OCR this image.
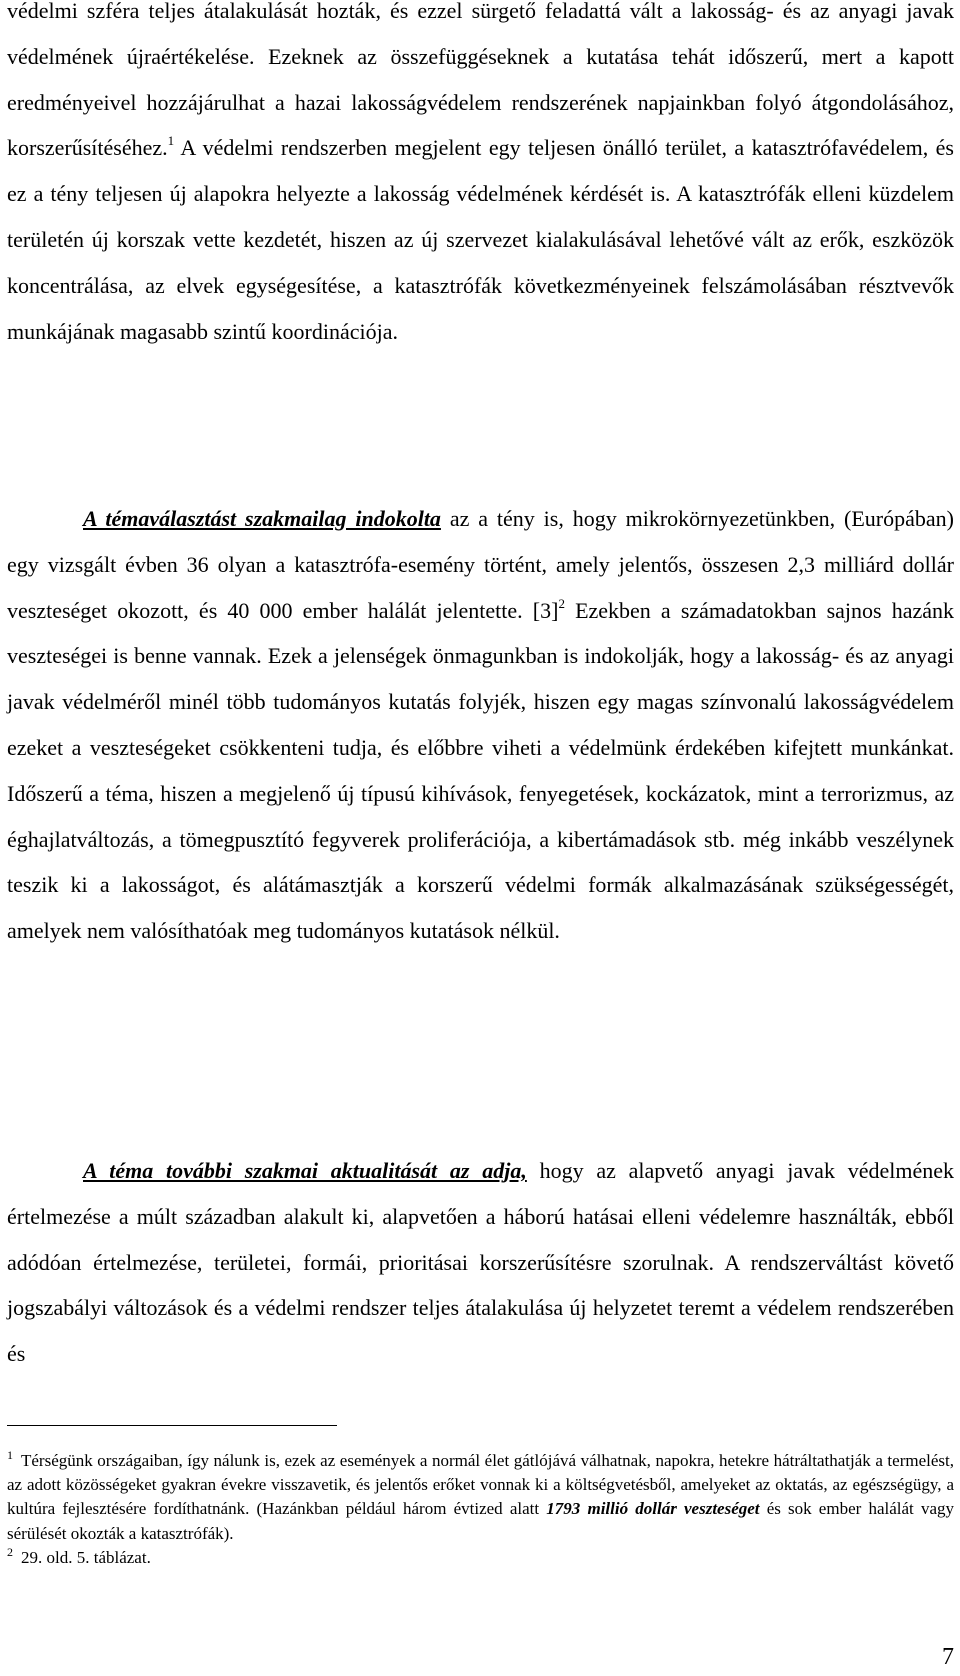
védelmi szféra teljes átalakulását hozták, és ezzel sürgető feladattá vált a lakosság- és az anyagi javak védelmének újraértékelése. Ezeknek az összefüggéseknek a kutatása tehát időszerű, mert a kapott eredményeivel hozzájárulhat a hazai lakosságvédelem rendszerének napjainkban folyó átgondolásához, korszerűsítéséhez.$^1$ A védelmi rendszerben megjelent egy teljesen önálló terület, a katasztrófavédelem, és ez a tény teljesen új alapokra helyezte a lakosság védelmének kérdését is. A katasztrófák elleni küzdelem területén új korszak vette kezdetét, hiszen az új szervezet kialakulásával lehetővé vált az erők, eszközök koncentrálása, az elvek egységesítése, a katasztrófák következményeinek felszámolásában résztvevők munkájának magasabb szintű koordinációja.

A témaválasztást szakmailag indokolta az a tény is, hogy mikrokörnyezetünkben, (Európában) egy vizsgált évben 36 olyan a katasztrófa-esemény történt, amely jelentős, összesen 2,3 milliárd dollár veszteséget okozott, és 40 000 ember halálát jelentette. $[3]^2$ Ezekben a számadatokban sajnos hazánk veszteségei is benne vannak. Ezek a jelenségek önmagunkban is indokolják, hogy a lakosság- és az anyagi javak védelméről minél több tudományos kutatás folyjék, hiszen egy magas színvonalú lakosságvédelem ezeket a veszteségeket csökkenteni tudja, és előbbre viheti a védelmünk érdekében kifejtett munkánkat. Időszerű a téma, hiszen a megjelenő új típusú kihívások, fenyegetések, kockázatok, mint a terrorizmus, az éghajlatváltozás, a tömegpusztító fegyverek proliferációja, a kibertámadások stb. még inkább veszélynek teszik ki a lakosságot, és alátámasztják a korszerű védelmi formák alkalmazásának szükségességét, amelyek nem valósíthatóak meg tudományos kutatások nélkül.

A téma további szakmai aktualitását az adja, hogy az alapvető anyagi javak védelmének értelmezése a múlt században alakult ki, alapvetően a háború hatásai elleni védelemre használták, ebből adódóan értelmezése, területei, formái, prioritásai korszerűsítésre szorulnak. A rendszerváltást követő jogszabályi változások és a védelmi rendszer teljes átalakulása új helyzetet teremt a védelem rendszerében és

$^1$ Térségünk országaiban, így nálunk is, ezek az események a normál élet gátlójává válhatnak, napokra, hetekre hátráltathatják a termelést, az adott közösségeket gyakran évekre visszavetik, és jelentős erőket vonnak ki a költségvetésből, amelyeket az oktatás, az egészségügy, a kultúra fejlesztésére fordíthatnánk. (Hazánkban például három évtized alatt 1793 millió dollár veszteséget és sok ember halálát vagy sérülését okozták a katasztrófák).

$^2$ 29. old. 5. táblázat.

7
